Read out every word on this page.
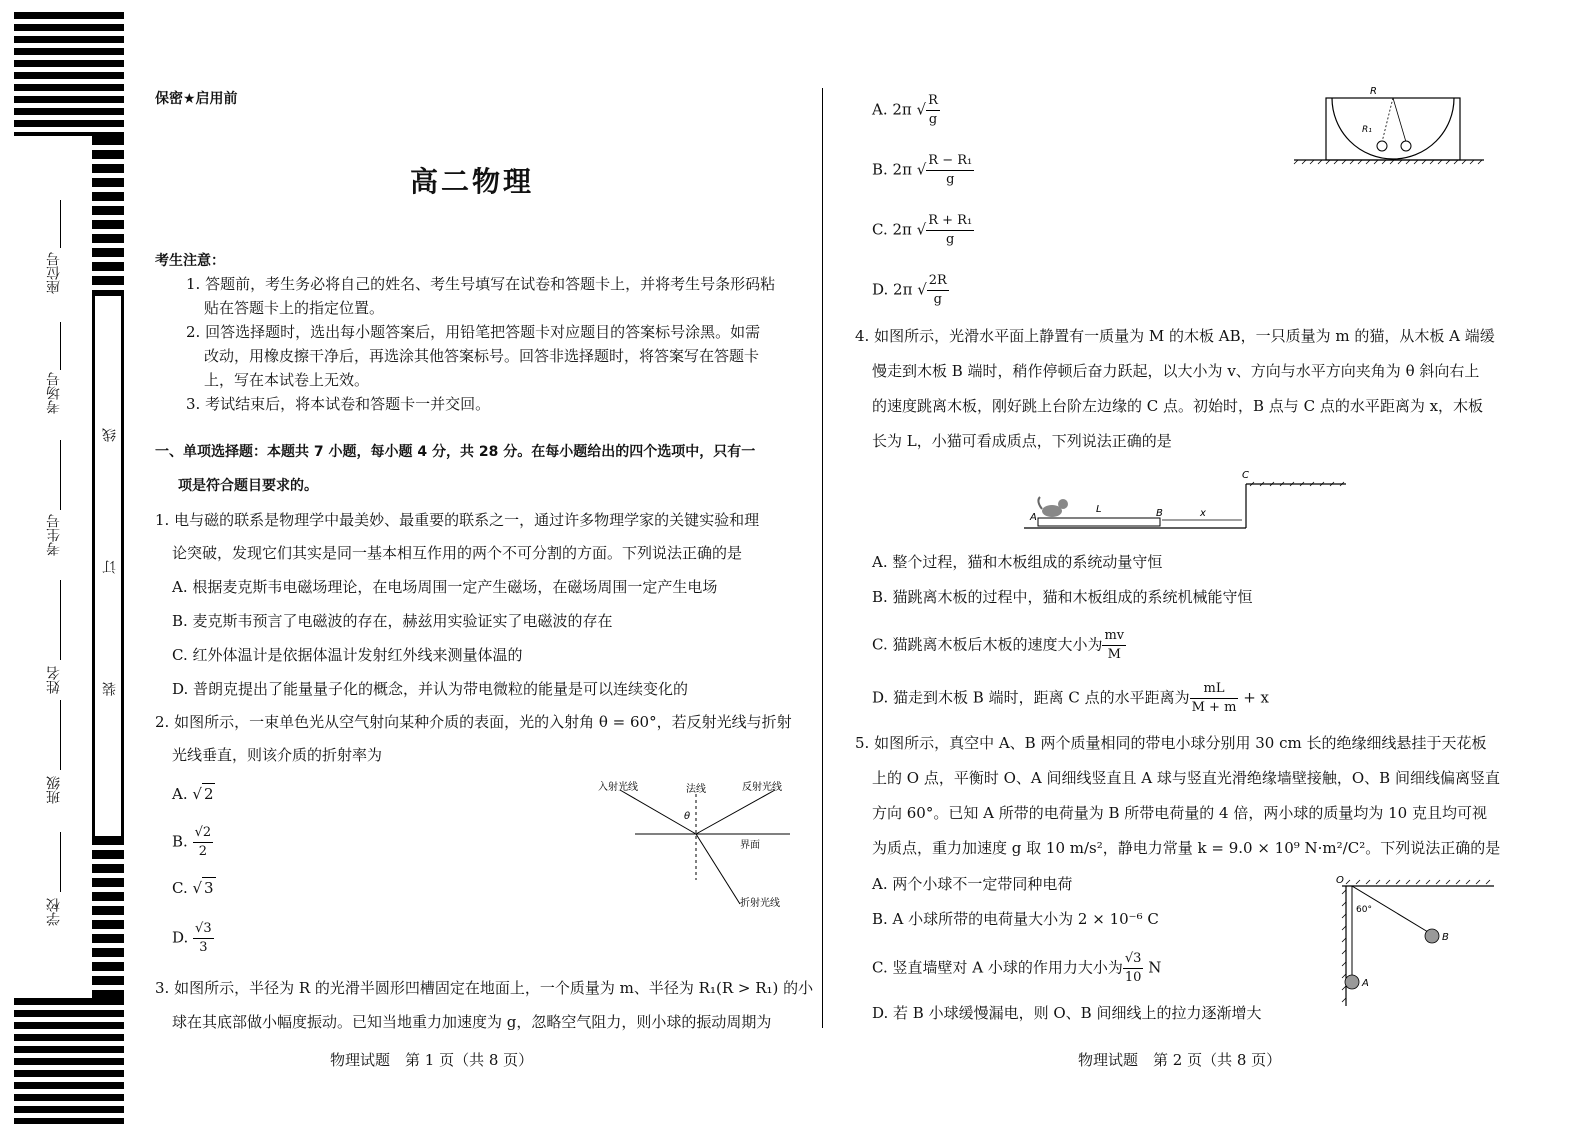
座位号
考场号
考生号
姓名
班级
学校
线
订
装
保密★启用前
高二物理
考生注意：
1. 答题前，考生务必将自己的姓名、考生号填写在试卷和答题卡上，并将考生号条形码粘
贴在答题卡上的指定位置。
2. 回答选择题时，选出每小题答案后，用铅笔把答题卡对应题目的答案标号涂黑。如需
改动，用橡皮擦干净后，再选涂其他答案标号。回答非选择题时，将答案写在答题卡
上，写在本试卷上无效。
3. 考试结束后，将本试卷和答题卡一并交回。
一、单项选择题：本题共 7 小题，每小题 4 分，共 28 分。在每小题给出的四个选项中，只有一
项是符合题目要求的。
1. 电与磁的联系是物理学中最美妙、最重要的联系之一，通过许多物理学家的关键实验和理
论突破，发现它们其实是同一基本相互作用的两个不可分割的方面。下列说法正确的是
A. 根据麦克斯韦电磁场理论，在电场周围一定产生磁场，在磁场周围一定产生电场
B. 麦克斯韦预言了电磁波的存在，赫兹用实验证实了电磁波的存在
C. 红外体温计是依据体温计发射红外线来测量体温的
D. 普朗克提出了能量量子化的概念，并认为带电微粒的能量是可以连续变化的
2. 如图所示，一束单色光从空气射向某种介质的表面，光的入射角 θ = 60°，若反射光线与折射
光线垂直，则该介质的折射率为
A. √ 2
B. $\frac{√2}{2}$
C. √ 3
D. $\frac{√3}{3}$
入射光线	法线	反射光线
界面
折射光线
θ
3. 如图所示，半径为 R 的光滑半圆形凹槽固定在地面上，一个质量为 m、半径为 R₁(R > R₁) 的小
球在其底部做小幅度振动。已知当地重力加速度为 g，忽略空气阻力，则小球的振动周期为
物理试题　第 1 页（共 8 页）
A. 2π √ $\frac{R}{g}$
B. 2π √ $\frac{\text{R − R₁}}{g}$
C. 2π √ $\frac{\text{R + R₁}}{g}$
D. 2π √ $\frac{2R}{g}$
R
R₁
4. 如图所示，光滑水平面上静置有一质量为 M 的木板 AB，一只质量为 m 的猫，从木板 A 端缓
慢走到木板 B 端时，稍作停顿后奋力跃起，以大小为 v、方向与水平方向夹角为 θ 斜向右上
的速度跳离木板，刚好跳上台阶左边缘的 C 点。初始时，B 点与 C 点的水平距离为 x，木板
长为 L，小猫可看成质点，下列说法正确的是
A
L	B	x
C
A. 整个过程，猫和木板组成的系统动量守恒
B. 猫跳离木板的过程中，猫和木板组成的系统机械能守恒
C. 猫跳离木板后木板的速度大小为 $\frac{mv}{M}$
D. 猫走到木板 B 端时，距离 C 点的水平距离为 $\frac{mL}{M + m} + x$
5. 如图所示，真空中 A、B 两个质量相同的带电小球分别用 30 cm 长的绝缘细线悬挂于天花板
上的 O 点，平衡时 O、A 间细线竖直且 A 球与竖直光滑绝缘墙壁接触，O、B 间细线偏离竖直
方向 60°。已知 A 所带的电荷量为 B 所带电荷量的 4 倍，两小球的质量均为 10 克且均可视
为质点，重力加速度 g 取 10 m/s²，静电力常量 k = 9.0 × 10⁹ N·m²/C²。下列说法正确的是
A. 两个小球不一定带同种电荷
B. A 小球所带的电荷量大小为 2 × 10⁻⁶ C
C. 竖直墙壁对 A 小球的作用力大小为 $\frac{√3}{10}$ N
D. 若 B 小球缓慢漏电，则 O、B 间细线上的拉力逐渐增大
O
60°
A
B
物理试题　第 2 页（共 8 页）
